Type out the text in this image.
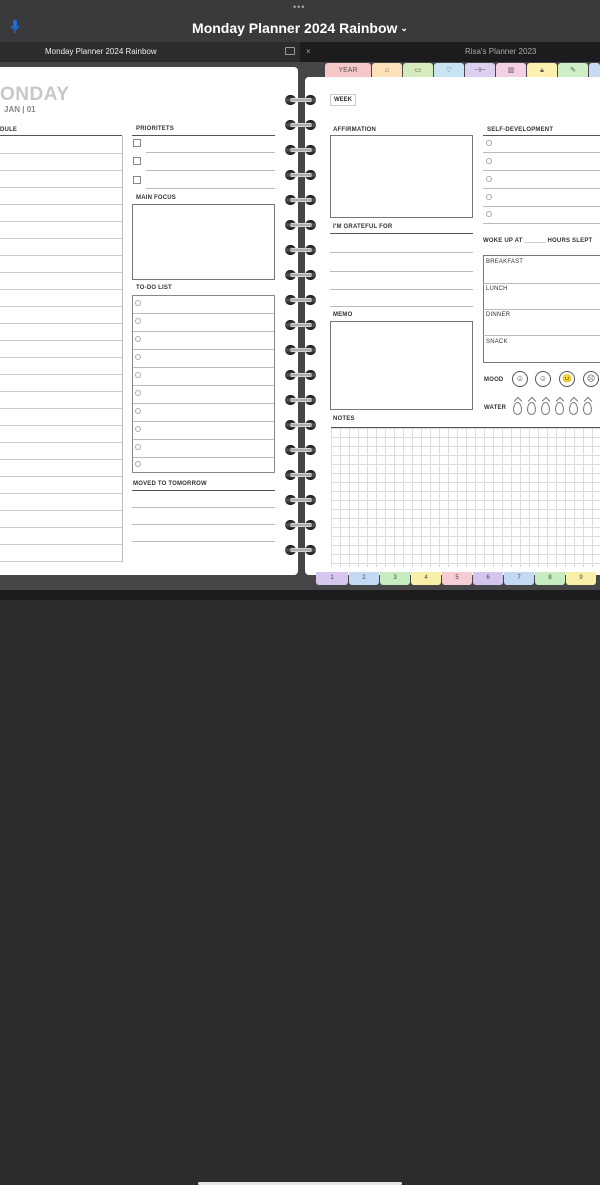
•••
Monday Planner 2024 Rainbow ⌄
Monday Planner 2024 Rainbow	×	Risa's Planner 2023
ONDAY
JAN | 01
DULE	PRIORITETS
MAIN FOCUS
TO-DO LIST
MOVED TO TOMORROW
rt
YEAR	⌂	▭	♡	⊣⊢	▥	🔒︎	✎
WEEK
AFFIRMATION
I'M GRATEFUL FOR
MEMO
SELF-DEVELOPMENT
WOKE UP AT ______ HOURS SLEPT
BREAKFAST
LUNCH
DINNER
SNACK
MOOD	☺	☺	😐	☹
WATER
NOTES
1	2	3	4	5	6	7	8	9
